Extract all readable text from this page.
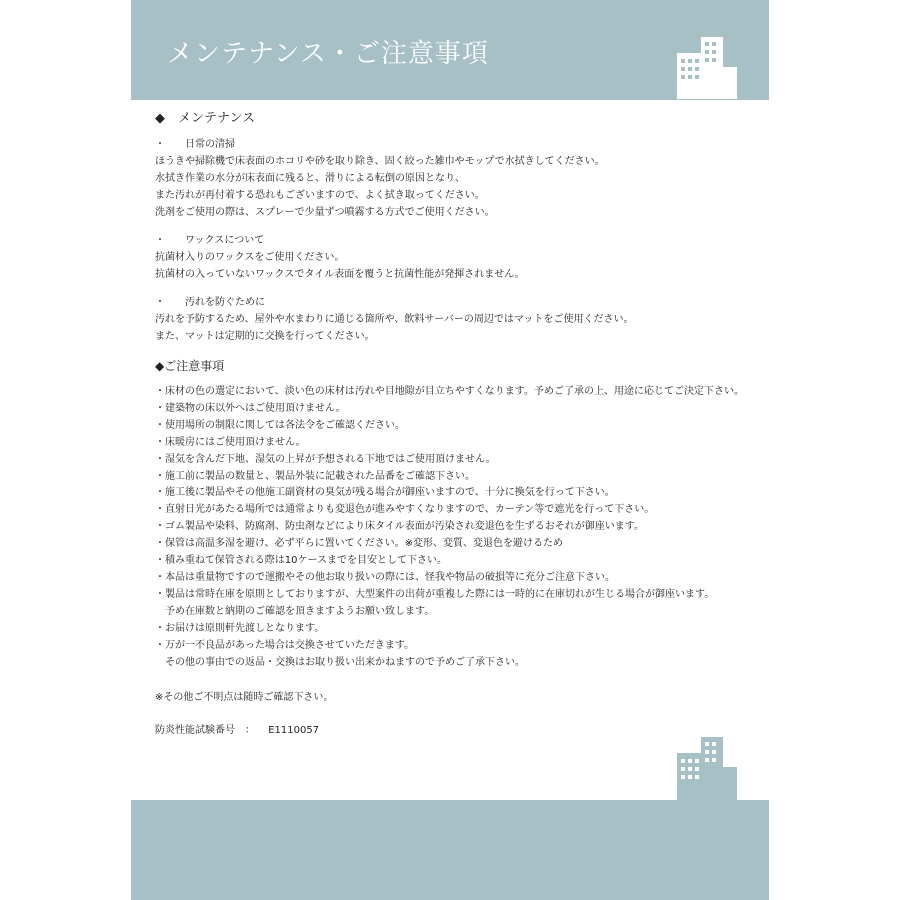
メンテナンス・ご注意事項
◆　メンテナンス
・　　日常の清掃
ほうきや掃除機で床表面のホコリや砂を取り除き、固く絞った雑巾やモップで水拭きしてください。
水拭き作業の水分が床表面に残ると、滑りによる転倒の原因となり、
また汚れが再付着する恐れもございますので、よく拭き取ってください。
洗剤をご使用の際は、スプレーで少量ずつ噴霧する方式でご使用ください。
・　　ワックスについて
抗菌材入りのワックスをご使用ください。
抗菌材の入っていないワックスでタイル表面を覆うと抗菌性能が発揮されません。
・　　汚れを防ぐために
汚れを予防するため、屋外や水まわりに通じる箇所や、飲料サーバーの周辺ではマットをご使用ください。
また、マットは定期的に交換を行ってください。
◆ご注意事項
・床材の色の選定において、淡い色の床材は汚れや目地隙が目立ちやすくなります。予めご了承の上、用途に応じてご決定下さい。
・建築物の床以外へはご使用頂けません。
・使用場所の制限に関しては各法令をご確認ください。
・床暖房にはご使用頂けません。
・湿気を含んだ下地、湿気の上昇が予想される下地ではご使用頂けません。
・施工前に製品の数量と、製品外装に記載された品番をご確認下さい。
・施工後に製品やその他施工副資材の臭気が残る場合が御座いますので、十分に換気を行って下さい。
・直射日光があたる場所では通常よりも変退色が進みやすくなりますので、カーテン等で遮光を行って下さい。
・ゴム製品や染料、防腐剤、防虫剤などにより床タイル表面が汚染され変退色を生ずるおそれが御座います。
・保管は高温多湿を避け、必ず平らに置いてください。※変形、変質、変退色を避けるため
・積み重ねて保管される際は10ケースまでを目安として下さい。
・本品は重量物ですので運搬やその他お取り扱いの際には、怪我や物品の破損等に充分ご注意下さい。
・製品は常時在庫を原則としておりますが、大型案件の出荷が重複した際には一時的に在庫切れが生じる場合が御座います。
予め在庫数と納期のご確認を頂きますようお願い致します。
・お届けは原則軒先渡しとなります。
・万が一不良品があった場合は交換させていただきます。
その他の事由での返品・交換はお取り扱い出来かねますので予めご了承下さい。
※その他ご不明点は随時ご確認下さい。
防炎性能試験番号　： E1110057
